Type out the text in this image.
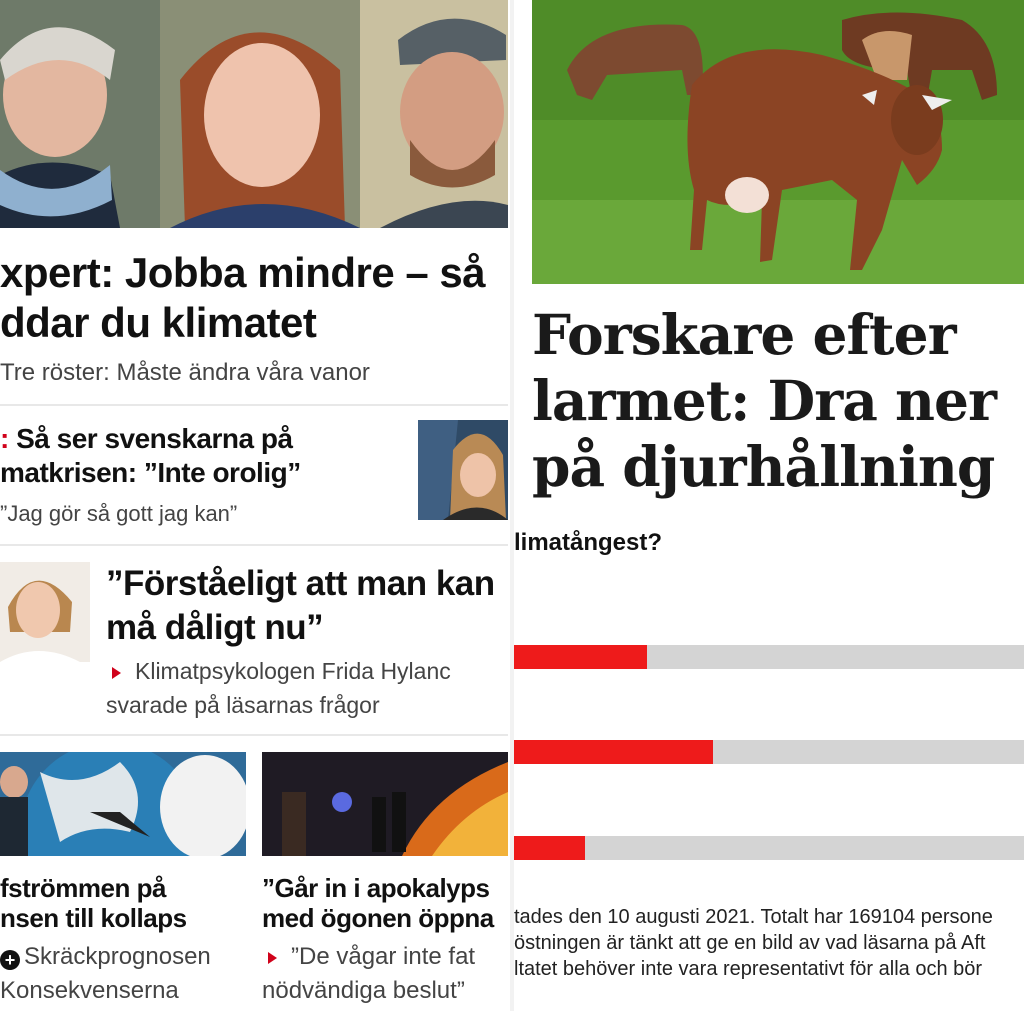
xpert: Jobba mindre – så
ddar du klimatet
Tre röster: Måste ändra våra vanor
: Så ser svenskarna på
matkrisen: ”Inte orolig”
”Jag gör så gott jag kan”
”Förståeligt att man kan
må dåligt nu”
Klimatpsykologen Frida Hylanc
svarade på läsarnas frågor
fströmmen på
nsen till kollaps
+ Skräckprognosen
Konsekvenserna
”Går in i apokalyps
med ögonen öppna
”De vågar inte fat
nödvändiga beslut”
Forskare efter
larmet: Dra ner
på djurhållning
limatångest?
tades den 10 augusti 2021. Totalt har 169104 persone
östningen är tänkt att ge en bild av vad läsarna på Aft
ltatet behöver inte vara representativt för alla och bör
